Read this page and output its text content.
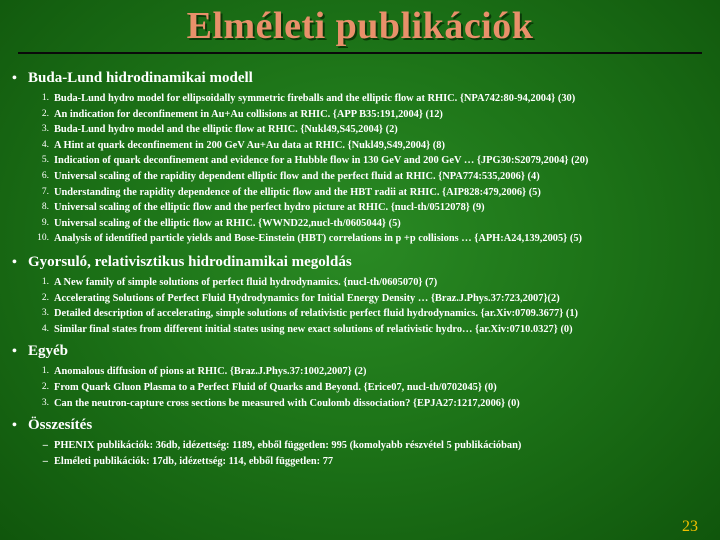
Elméleti publikációk
• Buda-Lund hidrodinamikai modell
1. Buda-Lund hydro model for ellipsoidally symmetric fireballs and the elliptic flow at RHIC. {NPA742:80-94,2004} (30)
2. An indication for deconfinement in Au+Au collisions at RHIC. {APP B35:191,2004} (12)
3. Buda-Lund hydro model and the elliptic flow at RHIC. {Nukl49,S45,2004} (2)
4. A Hint at quark deconfinement in 200 GeV Au+Au data at RHIC. {Nukl49,S49,2004} (8)
5. Indication of quark deconfinement and evidence for a Hubble flow in 130 GeV and 200 GeV … {JPG30:S2079,2004} (20)
6. Universal scaling of the rapidity dependent elliptic flow and the perfect fluid at RHIC. {NPA774:535,2006} (4)
7. Understanding the rapidity dependence of the elliptic flow and the HBT radii at RHIC. {AIP828:479,2006} (5)
8. Universal scaling of the elliptic flow and the perfect hydro picture at RHIC. {nucl-th/0512078} (9)
9. Universal scaling of the elliptic flow at RHIC. {WWND22,nucl-th/0605044} (5)
10. Analysis of identified particle yields and Bose-Einstein (HBT) correlations in p +p collisions … {APH:A24,139,2005} (5)
• Gyorsuló, relativisztikus hidrodinamikai megoldás
1. A New family of simple solutions of perfect fluid hydrodynamics. {nucl-th/0605070} (7)
2. Accelerating Solutions of Perfect Fluid Hydrodynamics for Initial Energy Density … {Braz.J.Phys.37:723,2007}(2)
3. Detailed description of accelerating, simple solutions of relativistic perfect fluid hydrodynamics. {ar.Xiv:0709.3677} (1)
4. Similar final states from different initial states using new exact solutions of relativistic hydro… {ar.Xiv:0710.0327} (0)
• Egyéb
1. Anomalous diffusion of pions at RHIC. {Braz.J.Phys.37:1002,2007} (2)
2. From Quark Gluon Plasma to a Perfect Fluid of Quarks and Beyond. {Erice07, nucl-th/0702045} (0)
3. Can the neutron-capture cross sections be measured with Coulomb dissociation? {EPJA27:1217,2006} (0)
• Összesítés
– PHENIX publikációk: 36db, idézettség: 1189, ebből független: 995 (komolyabb részvétel 5 publikációban)
– Elméleti publikációk: 17db, idézettség: 114, ebből független: 77
23
